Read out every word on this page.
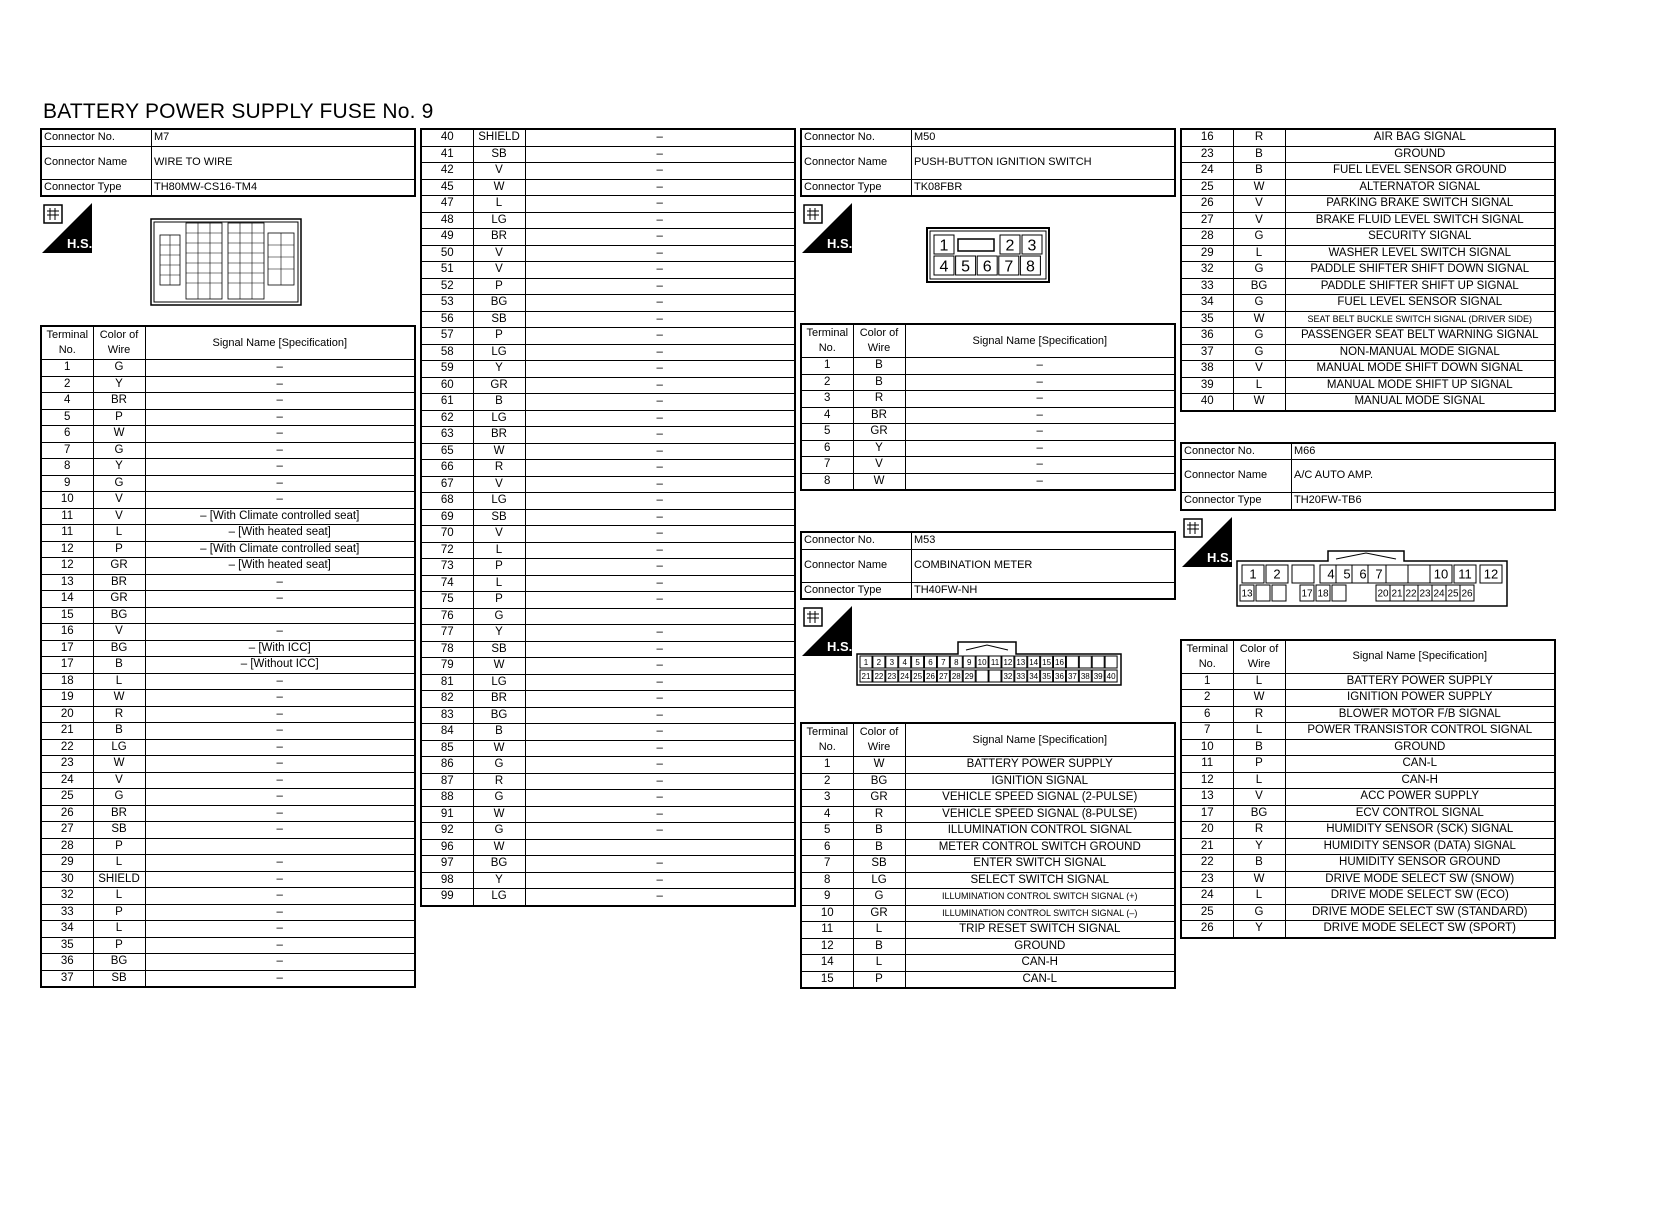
BATTERY POWER SUPPLY FUSE No. 9
Connector No.	M7
Connector Name	WIRE TO WIRE
Connector Type	TH80MW-CS16-TM4
H.S.
Terminal No.	Color of Wire	Signal Name [Specification]
1	G	–
2	Y	–
4	BR	–
5	P	–
6	W	–
7	G	–
8	Y	–
9	G	–
10	V	–
11	V	– [With Climate controlled seat]
11	L	– [With heated seat]
12	P	– [With Climate controlled seat]
12	GR	– [With heated seat]
13	BR	–
14	GR	–
15	BG	
16	V	–
17	BG	– [With ICC]
17	B	– [Without ICC]
18	L	–
19	W	–
20	R	–
21	B	–
22	LG	–
23	W	–
24	V	–
25	G	–
26	BR	–
27	SB	–
28	P	
29	L	–
30	SHIELD	–
32	L	–
33	P	–
34	L	–
35	P	–
36	BG	–
37	SB	–
40	SHIELD	–
41	SB	–
42	V	–
45	W	–
47	L	–
48	LG	–
49	BR	–
50	V	–
51	V	–
52	P	–
53	BG	–
56	SB	–
57	P	–
58	LG	–
59	Y	–
60	GR	–
61	B	–
62	LG	–
63	BR	–
65	W	–
66	R	–
67	V	–
68	LG	–
69	SB	–
70	V	–
72	L	–
73	P	–
74	L	–
75	P	–
76	G	
77	Y	–
78	SB	–
79	W	–
81	LG	–
82	BR	–
83	BG	–
84	B	–
85	W	–
86	G	–
87	R	–
88	G	–
91	W	–
92	G	–
96	W	
97	BG	–
98	Y	–
99	LG	–
Connector No.	M50
Connector Name	PUSH-BUTTON IGNITION SWITCH
Connector Type	TK08FBR
H.S.	1	2 3
4 5 6 7 8
Terminal No.	Color of Wire	Signal Name [Specification]
1	B	–
2	B	–
3	R	–
4	BR	–
5	GR	–
6	Y	–
7	V	–
8	W	–
Connector No.	M53
Connector Name	COMBINATION METER
Connector Type	TH40FW-NH
H.S.
1 2 3 4 5 6 7 8 9 10 11 12 13 14 15 16
21 22 23 24 25 26 27 28 29	32 33 34 35 36 37 38 39 40
Terminal No.	Color of Wire	Signal Name [Specification]
1	W	BATTERY POWER SUPPLY
2	BG	IGNITION SIGNAL
3	GR	VEHICLE SPEED SIGNAL (2-PULSE)
4	R	VEHICLE SPEED SIGNAL (8-PULSE)
5	B	ILLUMINATION CONTROL SIGNAL
6	B	METER CONTROL SWITCH GROUND
7	SB	ENTER SWITCH SIGNAL
8	LG	SELECT SWITCH SIGNAL
9	G	ILLUMINATION CONTROL SWITCH SIGNAL (+)
10	GR	ILLUMINATION CONTROL SWITCH SIGNAL (–)
11	L	TRIP RESET SWITCH SIGNAL
12	B	GROUND
14	L	CAN-H
15	P	CAN-L
16	R	AIR BAG SIGNAL
23	B	GROUND
24	B	FUEL LEVEL SENSOR GROUND
25	W	ALTERNATOR SIGNAL
26	V	PARKING BRAKE SWITCH SIGNAL
27	V	BRAKE FLUID LEVEL SWITCH SIGNAL
28	G	SECURITY SIGNAL
29	L	WASHER LEVEL SWITCH SIGNAL
32	G	PADDLE SHIFTER SHIFT DOWN SIGNAL
33	BG	PADDLE SHIFTER SHIFT UP SIGNAL
34	G	FUEL LEVEL SENSOR SIGNAL
35	W	SEAT BELT BUCKLE SWITCH SIGNAL (DRIVER SIDE)
36	G	PASSENGER SEAT BELT WARNING SIGNAL
37	G	NON-MANUAL MODE SIGNAL
38	V	MANUAL MODE SHIFT DOWN SIGNAL
39	L	MANUAL MODE SHIFT UP SIGNAL
40	W	MANUAL MODE SIGNAL
Connector No.	M66
Connector Name	A/C AUTO AMP.
Connector Type	TH20FW-TB6
H.S.
1 2	4 5 6 7	10 11 12
13	17 18	20 21 22 23 24 25 26
Terminal No.	Color of Wire	Signal Name [Specification]
1	L	BATTERY POWER SUPPLY
2	W	IGNITION POWER SUPPLY
6	R	BLOWER MOTOR F/B SIGNAL
7	L	POWER TRANSISTOR CONTROL SIGNAL
10	B	GROUND
11	P	CAN-L
12	L	CAN-H
13	V	ACC POWER SUPPLY
17	BG	ECV CONTROL SIGNAL
20	R	HUMIDITY SENSOR (SCK) SIGNAL
21	Y	HUMIDITY SENSOR (DATA) SIGNAL
22	B	HUMIDITY SENSOR GROUND
23	W	DRIVE MODE SELECT SW (SNOW)
24	L	DRIVE MODE SELECT SW (ECO)
25	G	DRIVE MODE SELECT SW (STANDARD)
26	Y	DRIVE MODE SELECT SW (SPORT)
